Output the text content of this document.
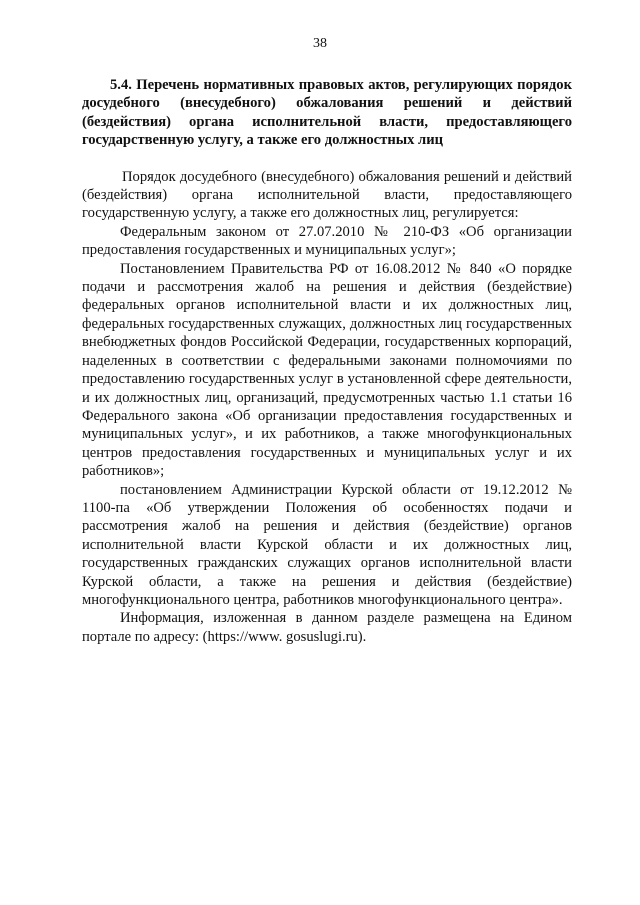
38

5.4. Перечень нормативных правовых актов, регулирующих порядок досудебного (внесудебного) обжалования решений и действий (бездействия) органа исполнительной власти, предоставляющего государственную услугу, а также его должностных лиц

Порядок досудебного (внесудебного) обжалования решений и действий (бездействия) органа исполнительной власти, предоставляющего государственную услугу, а также его должностных лиц, регулируется:

Федеральным законом от 27.07.2010 № 210-ФЗ «Об организации предоставления государственных и муниципальных услуг»;

Постановлением Правительства РФ от 16.08.2012 № 840 «О порядке подачи и рассмотрения жалоб на решения и действия (бездействие) федеральных органов исполнительной власти и их должностных лиц, федеральных государственных служащих, должностных лиц государственных внебюджетных фондов Российской Федерации, государственных корпораций, наделенных в соответствии с федеральными законами полномочиями по предоставлению государственных услуг в установленной сфере деятельности, и их должностных лиц, организаций, предусмотренных частью 1.1 статьи 16 Федерального закона «Об организации предоставления государственных и муниципальных услуг», и их работников, а также многофункциональных центров предоставления государственных и муниципальных услуг и их работников»;

постановлением Администрации Курской области от 19.12.2012 № 1100-па «Об утверждении Положения об особенностях подачи и рассмотрения жалоб на решения и действия (бездействие) органов исполнительной власти Курской области и их должностных лиц, государственных гражданских служащих органов исполнительной власти Курской области, а также на решения и действия (бездействие) многофункционального центра, работников многофункционального центра».

Информация, изложенная в данном разделе размещена на Едином портале по адресу: (https://www. gosuslugi.ru).
